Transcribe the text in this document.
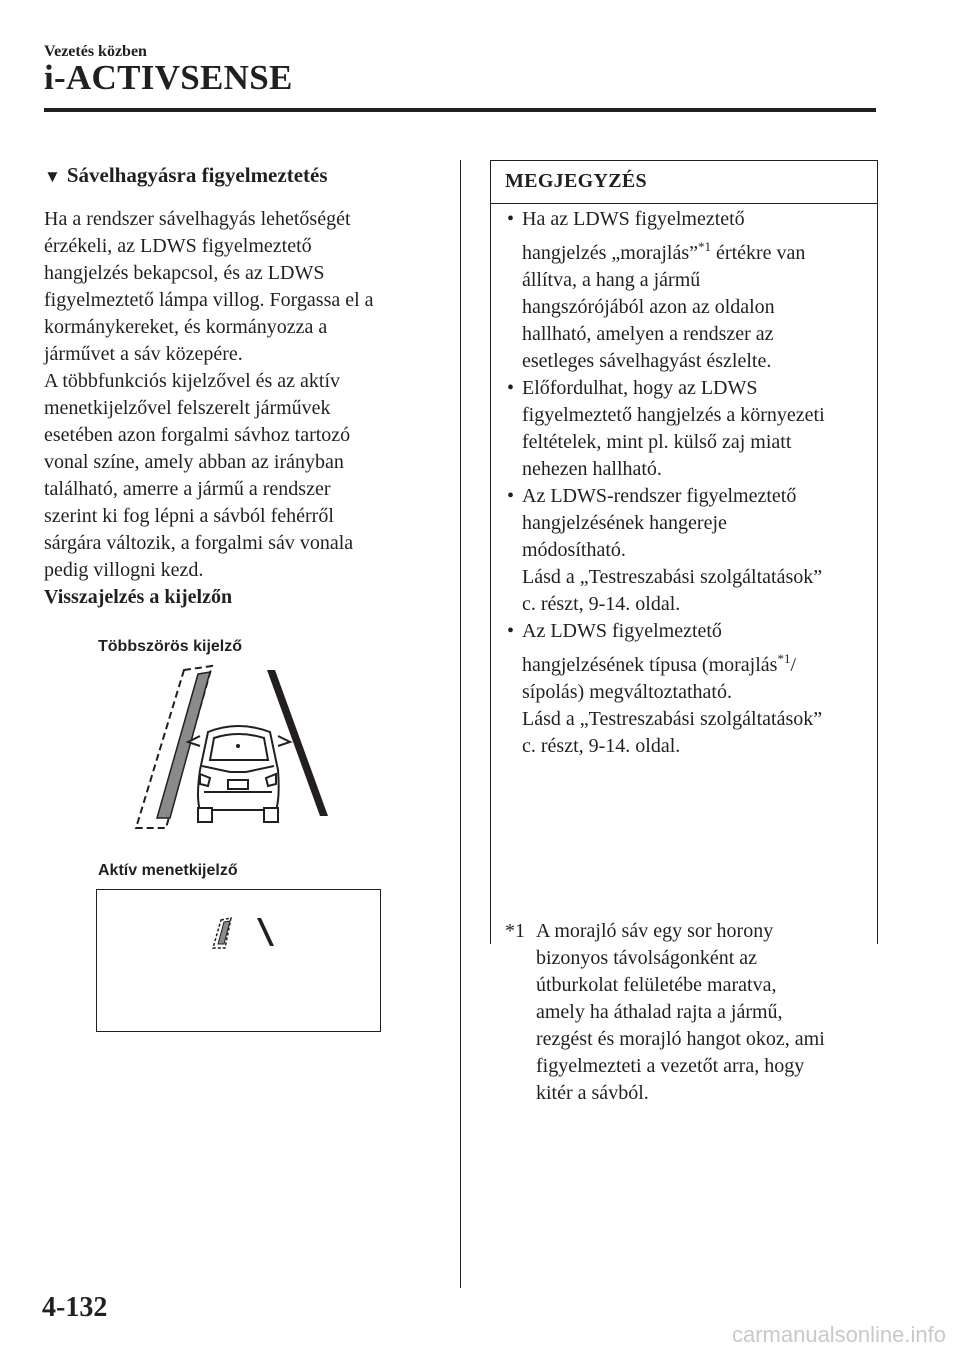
Vezetés közben
i-ACTIVSENSE
▼ Sávelhagyásra figyelmeztetés

Ha a rendszer sávelhagyás lehetőségét
érzékeli, az LDWS figyelmeztető
hangjelzés bekapcsol, és az LDWS
figyelmeztető lámpa villog. Forgassa el a
kormánykereket, és kormányozza a
járművet a sáv közepére.

A többfunkciós kijelzővel és az aktív
menetkijelzővel felszerelt járművek
esetében azon forgalmi sávhoz tartozó
vonal színe, amely abban az irányban
található, amerre a jármű a rendszer
szerint ki fog lépni a sávból fehérről
sárgára változik, a forgalmi sáv vonala
pedig villogni kezd.

Visszajelzés a kijelzőn

Többszörös kijelző
Aktív menetkijelző
MEGJEGYZÉS
• Ha az LDWS figyelmeztető
hangjelzés „morajlás”$^{*1}$ értékre van
állítva, a hang a jármű
hangszórójából azon az oldalon
hallható, amelyen a rendszer az
esetleges sávelhagyást észlelte.
• Előfordulhat, hogy az LDWS
figyelmeztető hangjelzés a környezeti
feltételek, mint pl. külső zaj miatt
nehezen hallható.
• Az LDWS-rendszer figyelmeztető
hangjelzésének hangereje
módosítható.
Lásd a „Testreszabási szolgáltatások”
c. részt, 9-14. oldal.
• Az LDWS figyelmeztető
hangjelzésének típusa (morajlás$^{*1}$/
sípolás) megváltoztatható.
Lásd a „Testreszabási szolgáltatások”
c. részt, 9-14. oldal.
*1 A morajló sáv egy sor horony
bizonyos távolságonként az
útburkolat felületébe maratva,
amely ha áthalad rajta a jármű,
rezgést és morajló hangot okoz, ami
figyelmezteti a vezetőt arra, hogy
kitér a sávból.
4-132
carmanualsonline.info
